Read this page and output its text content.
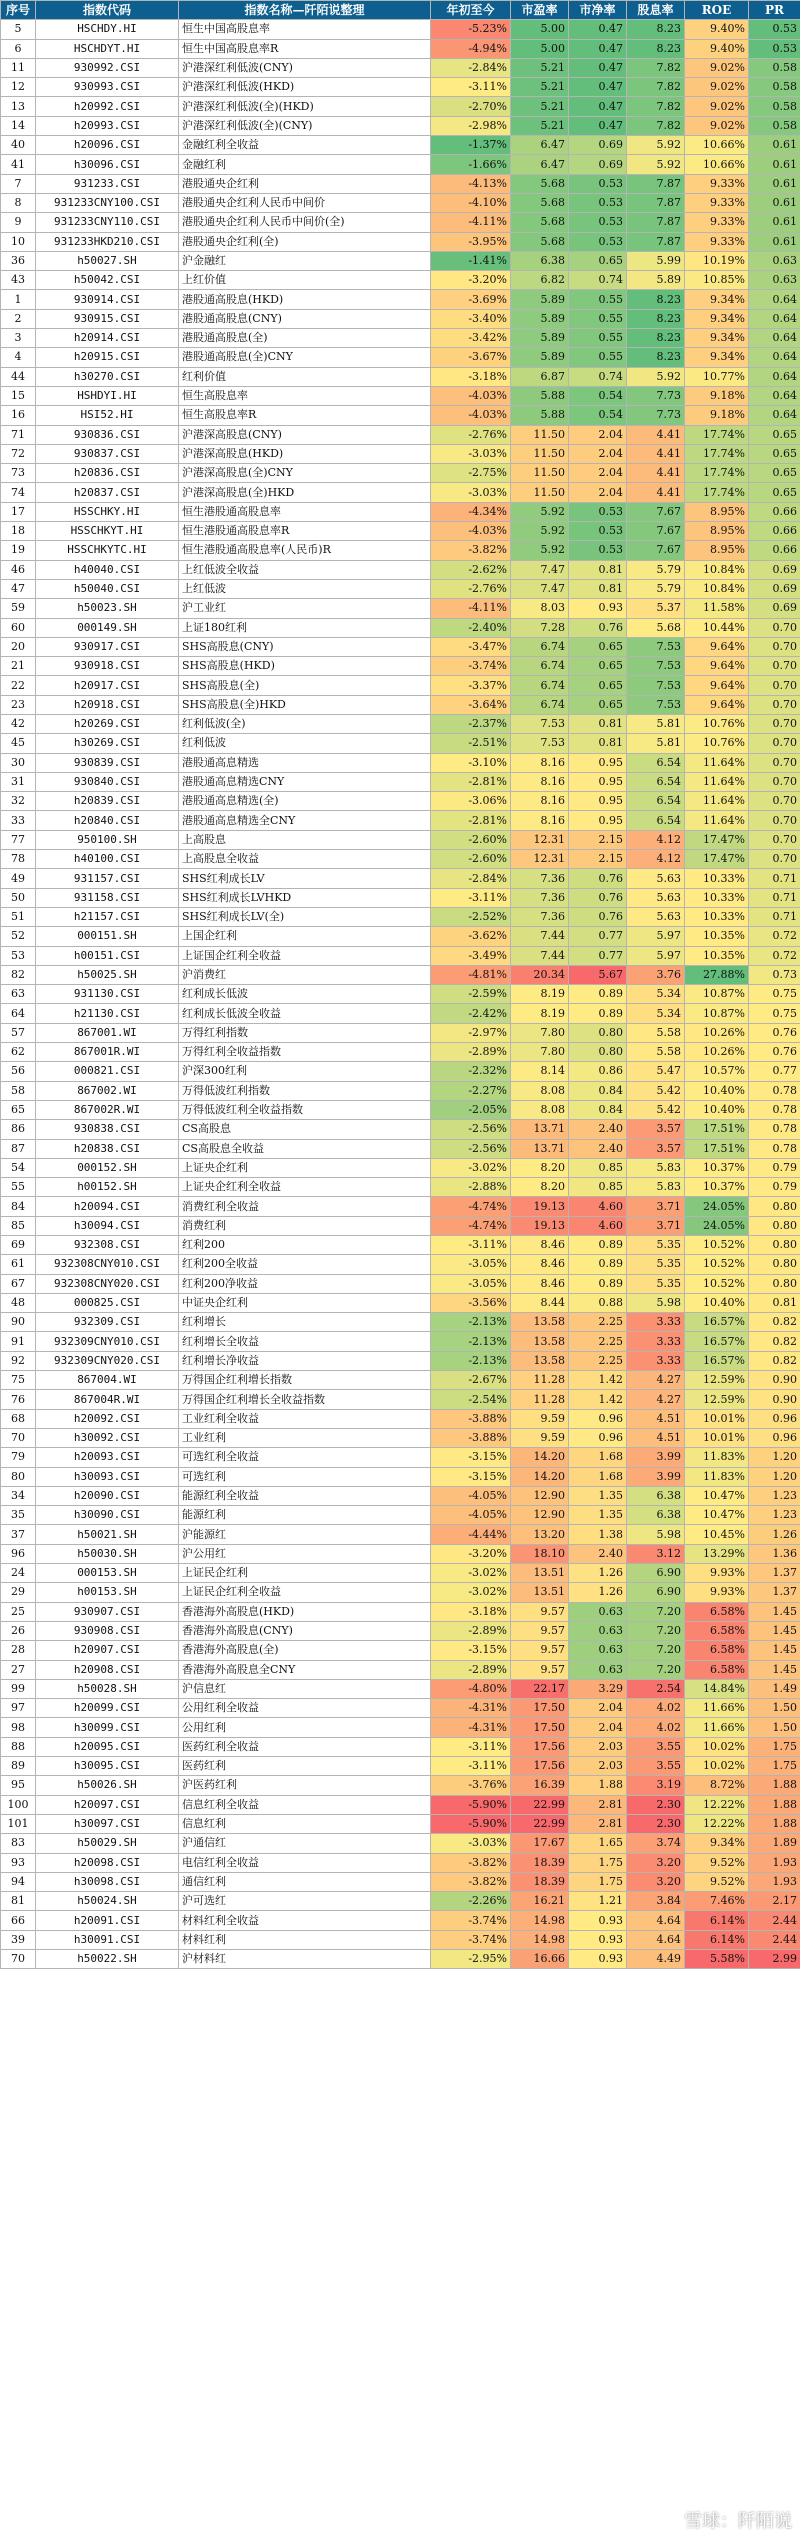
序号	指数代码	指数名称—阡陌说整理	年初至今	市盈率	市净率	股息率	ROE	PR
5	HSCHDY.HI	恒生中国高股息率	-5.23%	5.00	0.47	8.23	9.40%	0.53
6	HSCHDYT.HI	恒生中国高股息率R	-4.94%	5.00	0.47	8.23	9.40%	0.53
11	930992.CSI	沪港深红利低波(CNY)	-2.84%	5.21	0.47	7.82	9.02%	0.58
12	930993.CSI	沪港深红利低波(HKD)	-3.11%	5.21	0.47	7.82	9.02%	0.58
13	h20992.CSI	沪港深红利低波(全)(HKD)	-2.70%	5.21	0.47	7.82	9.02%	0.58
14	h20993.CSI	沪港深红利低波(全)(CNY)	-2.98%	5.21	0.47	7.82	9.02%	0.58
40	h20096.CSI	金融红利全收益	-1.37%	6.47	0.69	5.92	10.66%	0.61
41	h30096.CSI	金融红利	-1.66%	6.47	0.69	5.92	10.66%	0.61
7	931233.CSI	港股通央企红利	-4.13%	5.68	0.53	7.87	9.33%	0.61
8	931233CNY100.CSI	港股通央企红利人民币中间价	-4.10%	5.68	0.53	7.87	9.33%	0.61
9	931233CNY110.CSI	港股通央企红利人民币中间价(全)	-4.11%	5.68	0.53	7.87	9.33%	0.61
10	931233HKD210.CSI	港股通央企红利(全)	-3.95%	5.68	0.53	7.87	9.33%	0.61
36	h50027.SH	沪金融红	-1.41%	6.38	0.65	5.99	10.19%	0.63
43	h50042.CSI	上红价值	-3.20%	6.82	0.74	5.89	10.85%	0.63
1	930914.CSI	港股通高股息(HKD)	-3.69%	5.89	0.55	8.23	9.34%	0.64
2	930915.CSI	港股通高股息(CNY)	-3.40%	5.89	0.55	8.23	9.34%	0.64
3	h20914.CSI	港股通高股息(全)	-3.42%	5.89	0.55	8.23	9.34%	0.64
4	h20915.CSI	港股通高股息(全)CNY	-3.67%	5.89	0.55	8.23	9.34%	0.64
44	h30270.CSI	红利价值	-3.18%	6.87	0.74	5.92	10.77%	0.64
15	HSHDYI.HI	恒生高股息率	-4.03%	5.88	0.54	7.73	9.18%	0.64
16	HSI52.HI	恒生高股息率R	-4.03%	5.88	0.54	7.73	9.18%	0.64
71	930836.CSI	沪港深高股息(CNY)	-2.76%	11.50	2.04	4.41	17.74%	0.65
72	930837.CSI	沪港深高股息(HKD)	-3.03%	11.50	2.04	4.41	17.74%	0.65
73	h20836.CSI	沪港深高股息(全)CNY	-2.75%	11.50	2.04	4.41	17.74%	0.65
74	h20837.CSI	沪港深高股息(全)HKD	-3.03%	11.50	2.04	4.41	17.74%	0.65
17	HSSCHKY.HI	恒生港股通高股息率	-4.34%	5.92	0.53	7.67	8.95%	0.66
18	HSSCHKYT.HI	恒生港股通高股息率R	-4.03%	5.92	0.53	7.67	8.95%	0.66
19	HSSCHKYTC.HI	恒生港股通高股息率(人民币)R	-3.82%	5.92	0.53	7.67	8.95%	0.66
46	h40040.CSI	上红低波全收益	-2.62%	7.47	0.81	5.79	10.84%	0.69
47	h50040.CSI	上红低波	-2.76%	7.47	0.81	5.79	10.84%	0.69
59	h50023.SH	沪工业红	-4.11%	8.03	0.93	5.37	11.58%	0.69
60	000149.SH	上证180红利	-2.40%	7.28	0.76	5.68	10.44%	0.70
20	930917.CSI	SHS高股息(CNY)	-3.47%	6.74	0.65	7.53	9.64%	0.70
21	930918.CSI	SHS高股息(HKD)	-3.74%	6.74	0.65	7.53	9.64%	0.70
22	h20917.CSI	SHS高股息(全)	-3.37%	6.74	0.65	7.53	9.64%	0.70
23	h20918.CSI	SHS高股息(全)HKD	-3.64%	6.74	0.65	7.53	9.64%	0.70
42	h20269.CSI	红利低波(全)	-2.37%	7.53	0.81	5.81	10.76%	0.70
45	h30269.CSI	红利低波	-2.51%	7.53	0.81	5.81	10.76%	0.70
30	930839.CSI	港股通高息精选	-3.10%	8.16	0.95	6.54	11.64%	0.70
31	930840.CSI	港股通高息精选CNY	-2.81%	8.16	0.95	6.54	11.64%	0.70
32	h20839.CSI	港股通高息精选(全)	-3.06%	8.16	0.95	6.54	11.64%	0.70
33	h20840.CSI	港股通高息精选全CNY	-2.81%	8.16	0.95	6.54	11.64%	0.70
77	950100.SH	上高股息	-2.60%	12.31	2.15	4.12	17.47%	0.70
78	h40100.CSI	上高股息全收益	-2.60%	12.31	2.15	4.12	17.47%	0.70
49	931157.CSI	SHS红利成长LV	-2.84%	7.36	0.76	5.63	10.33%	0.71
50	931158.CSI	SHS红利成长LVHKD	-3.11%	7.36	0.76	5.63	10.33%	0.71
51	h21157.CSI	SHS红利成长LV(全)	-2.52%	7.36	0.76	5.63	10.33%	0.71
52	000151.SH	上国企红利	-3.62%	7.44	0.77	5.97	10.35%	0.72
53	h00151.CSI	上证国企红利全收益	-3.49%	7.44	0.77	5.97	10.35%	0.72
82	h50025.SH	沪消费红	-4.81%	20.34	5.67	3.76	27.88%	0.73
63	931130.CSI	红利成长低波	-2.59%	8.19	0.89	5.34	10.87%	0.75
64	h21130.CSI	红利成长低波全收益	-2.42%	8.19	0.89	5.34	10.87%	0.75
57	867001.WI	万得红利指数	-2.97%	7.80	0.80	5.58	10.26%	0.76
62	867001R.WI	万得红利全收益指数	-2.89%	7.80	0.80	5.58	10.26%	0.76
56	000821.CSI	沪深300红利	-2.32%	8.14	0.86	5.47	10.57%	0.77
58	867002.WI	万得低波红利指数	-2.27%	8.08	0.84	5.42	10.40%	0.78
65	867002R.WI	万得低波红利全收益指数	-2.05%	8.08	0.84	5.42	10.40%	0.78
86	930838.CSI	CS高股息	-2.56%	13.71	2.40	3.57	17.51%	0.78
87	h20838.CSI	CS高股息全收益	-2.56%	13.71	2.40	3.57	17.51%	0.78
54	000152.SH	上证央企红利	-3.02%	8.20	0.85	5.83	10.37%	0.79
55	h00152.SH	上证央企红利全收益	-2.88%	8.20	0.85	5.83	10.37%	0.79
84	h20094.CSI	消费红利全收益	-4.74%	19.13	4.60	3.71	24.05%	0.80
85	h30094.CSI	消费红利	-4.74%	19.13	4.60	3.71	24.05%	0.80
69	932308.CSI	红利200	-3.11%	8.46	0.89	5.35	10.52%	0.80
61	932308CNY010.CSI	红利200全收益	-3.05%	8.46	0.89	5.35	10.52%	0.80
67	932308CNY020.CSI	红利200净收益	-3.05%	8.46	0.89	5.35	10.52%	0.80
48	000825.CSI	中证央企红利	-3.56%	8.44	0.88	5.98	10.40%	0.81
90	932309.CSI	红利增长	-2.13%	13.58	2.25	3.33	16.57%	0.82
91	932309CNY010.CSI	红利增长全收益	-2.13%	13.58	2.25	3.33	16.57%	0.82
92	932309CNY020.CSI	红利增长净收益	-2.13%	13.58	2.25	3.33	16.57%	0.82
75	867004.WI	万得国企红利增长指数	-2.67%	11.28	1.42	4.27	12.59%	0.90
76	867004R.WI	万得国企红利增长全收益指数	-2.54%	11.28	1.42	4.27	12.59%	0.90
68	h20092.CSI	工业红利全收益	-3.88%	9.59	0.96	4.51	10.01%	0.96
70	h30092.CSI	工业红利	-3.88%	9.59	0.96	4.51	10.01%	0.96
79	h20093.CSI	可选红利全收益	-3.15%	14.20	1.68	3.99	11.83%	1.20
80	h30093.CSI	可选红利	-3.15%	14.20	1.68	3.99	11.83%	1.20
34	h20090.CSI	能源红利全收益	-4.05%	12.90	1.35	6.38	10.47%	1.23
35	h30090.CSI	能源红利	-4.05%	12.90	1.35	6.38	10.47%	1.23
37	h50021.SH	沪能源红	-4.44%	13.20	1.38	5.98	10.45%	1.26
96	h50030.SH	沪公用红	-3.20%	18.10	2.40	3.12	13.29%	1.36
24	000153.SH	上证民企红利	-3.02%	13.51	1.26	6.90	9.93%	1.37
29	h00153.SH	上证民企红利全收益	-3.02%	13.51	1.26	6.90	9.93%	1.37
25	930907.CSI	香港海外高股息(HKD)	-3.18%	9.57	0.63	7.20	6.58%	1.45
26	930908.CSI	香港海外高股息(CNY)	-2.89%	9.57	0.63	7.20	6.58%	1.45
28	h20907.CSI	香港海外高股息(全)	-3.15%	9.57	0.63	7.20	6.58%	1.45
27	h20908.CSI	香港海外高股息全CNY	-2.89%	9.57	0.63	7.20	6.58%	1.45
99	h50028.SH	沪信息红	-4.80%	22.17	3.29	2.54	14.84%	1.49
97	h20099.CSI	公用红利全收益	-4.31%	17.50	2.04	4.02	11.66%	1.50
98	h30099.CSI	公用红利	-4.31%	17.50	2.04	4.02	11.66%	1.50
88	h20095.CSI	医药红利全收益	-3.11%	17.56	2.03	3.55	10.02%	1.75
89	h30095.CSI	医药红利	-3.11%	17.56	2.03	3.55	10.02%	1.75
95	h50026.SH	沪医药红利	-3.76%	16.39	1.88	3.19	8.72%	1.88
100	h20097.CSI	信息红利全收益	-5.90%	22.99	2.81	2.30	12.22%	1.88
101	h30097.CSI	信息红利	-5.90%	22.99	2.81	2.30	12.22%	1.88
83	h50029.SH	沪通信红	-3.03%	17.67	1.65	3.74	9.34%	1.89
93	h20098.CSI	电信红利全收益	-3.82%	18.39	1.75	3.20	9.52%	1.93
94	h30098.CSI	通信红利	-3.82%	18.39	1.75	3.20	9.52%	1.93
81	h50024.SH	沪可选红	-2.26%	16.21	1.21	3.84	7.46%	2.17
66	h20091.CSI	材料红利全收益	-3.74%	14.98	0.93	4.64	6.14%	2.44
39	h30091.CSI	材料红利	-3.74%	14.98	0.93	4.64	6.14%	2.44
70	h50022.SH	沪材料红	-2.95%	16.66	0.93	4.49	5.58%	2.99
雪球：阡陌说
